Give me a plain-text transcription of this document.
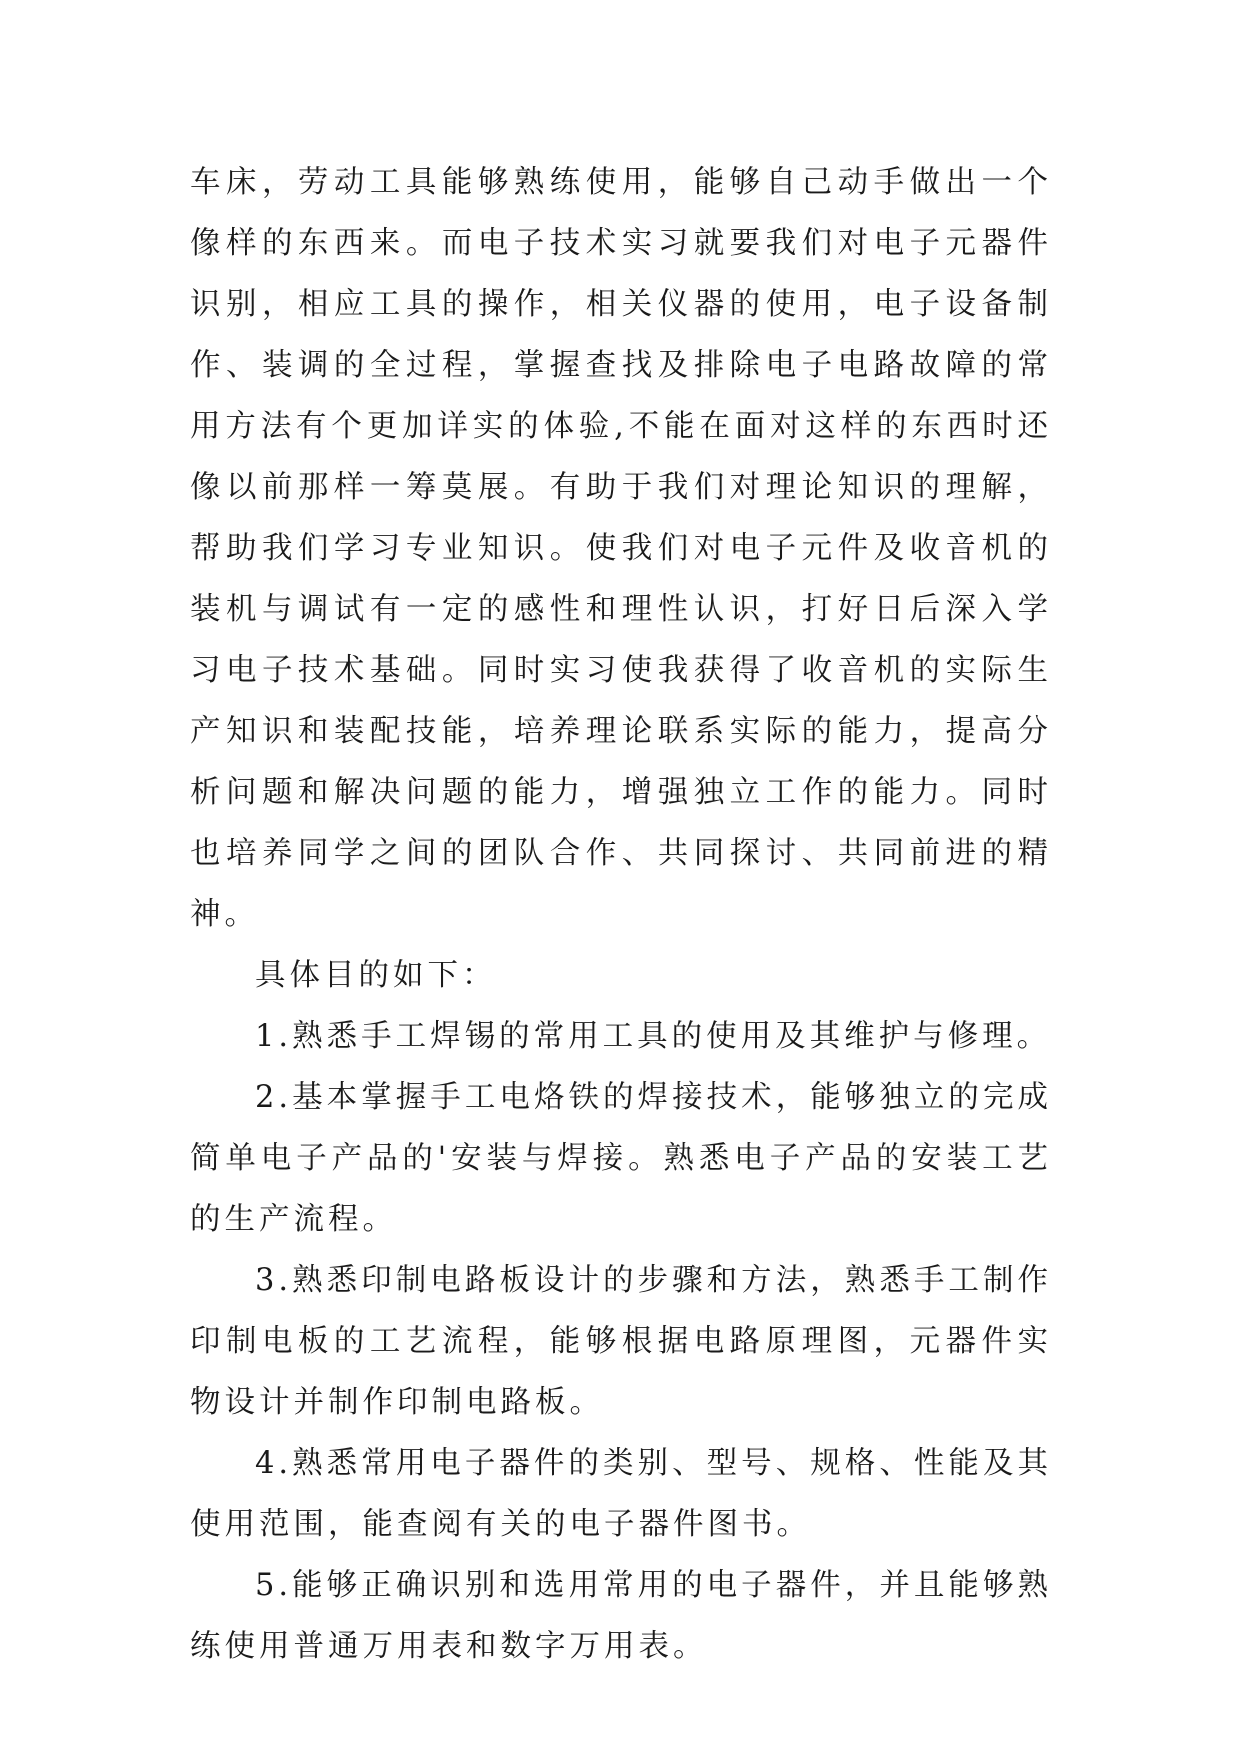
车床，劳动工具能够熟练使用，能够自己动手做出一个像样的东西来。而电子技术实习就要我们对电子元器件识别，相应工具的操作，相关仪器的使用，电子设备制作、装调的全过程，掌握查找及排除电子电路故障的常用方法有个更加详实的体验,不能在面对这样的东西时还像以前那样一筹莫展。有助于我们对理论知识的理解，帮助我们学习专业知识。使我们对电子元件及收音机的装机与调试有一定的感性和理性认识，打好日后深入学习电子技术基础。同时实习使我获得了收音机的实际生产知识和装配技能，培养理论联系实际的能力，提高分析问题和解决问题的能力，增强独立工作的能力。同时也培养同学之间的团队合作、共同探讨、共同前进的精神。

具体目的如下：

1.熟悉手工焊锡的常用工具的使用及其维护与修理。

2.基本掌握手工电烙铁的焊接技术，能够独立的完成简单电子产品的'安装与焊接。熟悉电子产品的安装工艺的生产流程。

3.熟悉印制电路板设计的步骤和方法，熟悉手工制作印制电板的工艺流程，能够根据电路原理图，元器件实物设计并制作印制电路板。

4.熟悉常用电子器件的类别、型号、规格、性能及其使用范围，能查阅有关的电子器件图书。

5.能够正确识别和选用常用的电子器件，并且能够熟练使用普通万用表和数字万用表。
